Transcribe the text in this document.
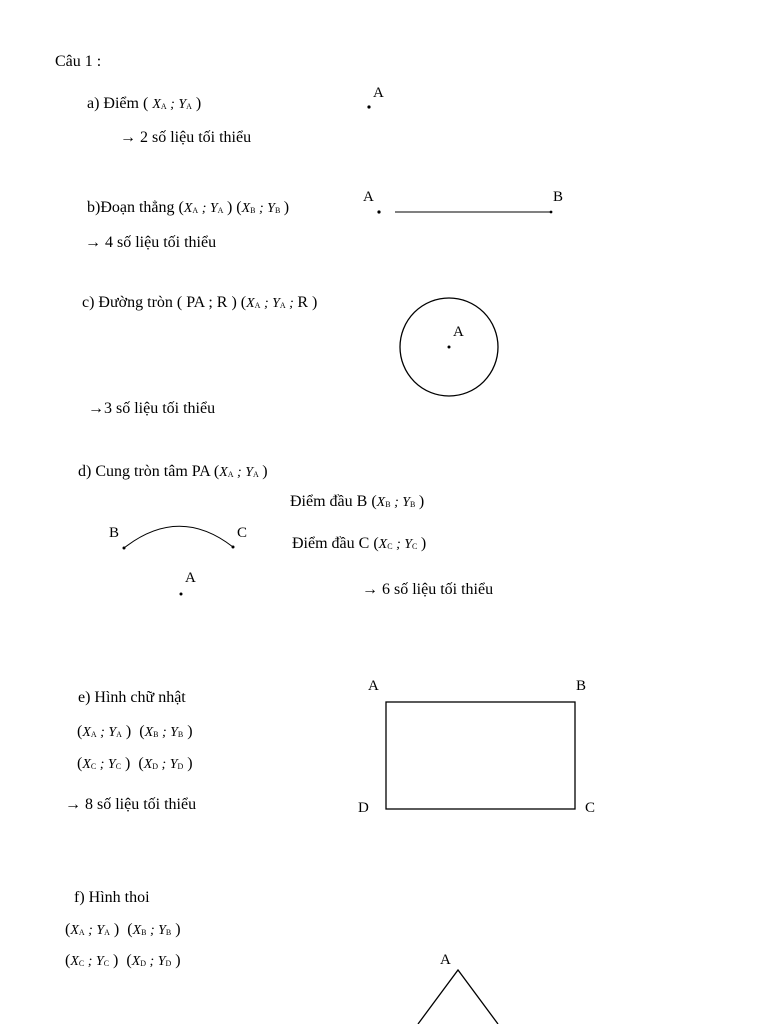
Câu 1 :
a) Điểm ( XA ; YA )
→ 2 số liệu tối thiểu
A
b)Đoạn thẳng (XA ; YA ) (XB ; YB )
→ 4 số liệu tối thiểu
A	B
c) Đường tròn ( PA ; R ) (XA ; YA ; R )
→3 số liệu tối thiểu
A
d) Cung tròn tâm PA (XA ; YA )
Điểm đầu B (XB ; YB )
Điểm đầu C (XC ; YC )
→ 6 số liệu tối thiểu
B	C
A
e) Hình chữ nhật
(XA ; YA )  (XB ; YB )
(XC ; YC )  (XD ; YD )
→ 8 số liệu tối thiểu
A	B
C
D
f) Hình thoi
(XA ; YA )  (XB ; YB )
(XC ; YC )  (XD ; YD )	A
